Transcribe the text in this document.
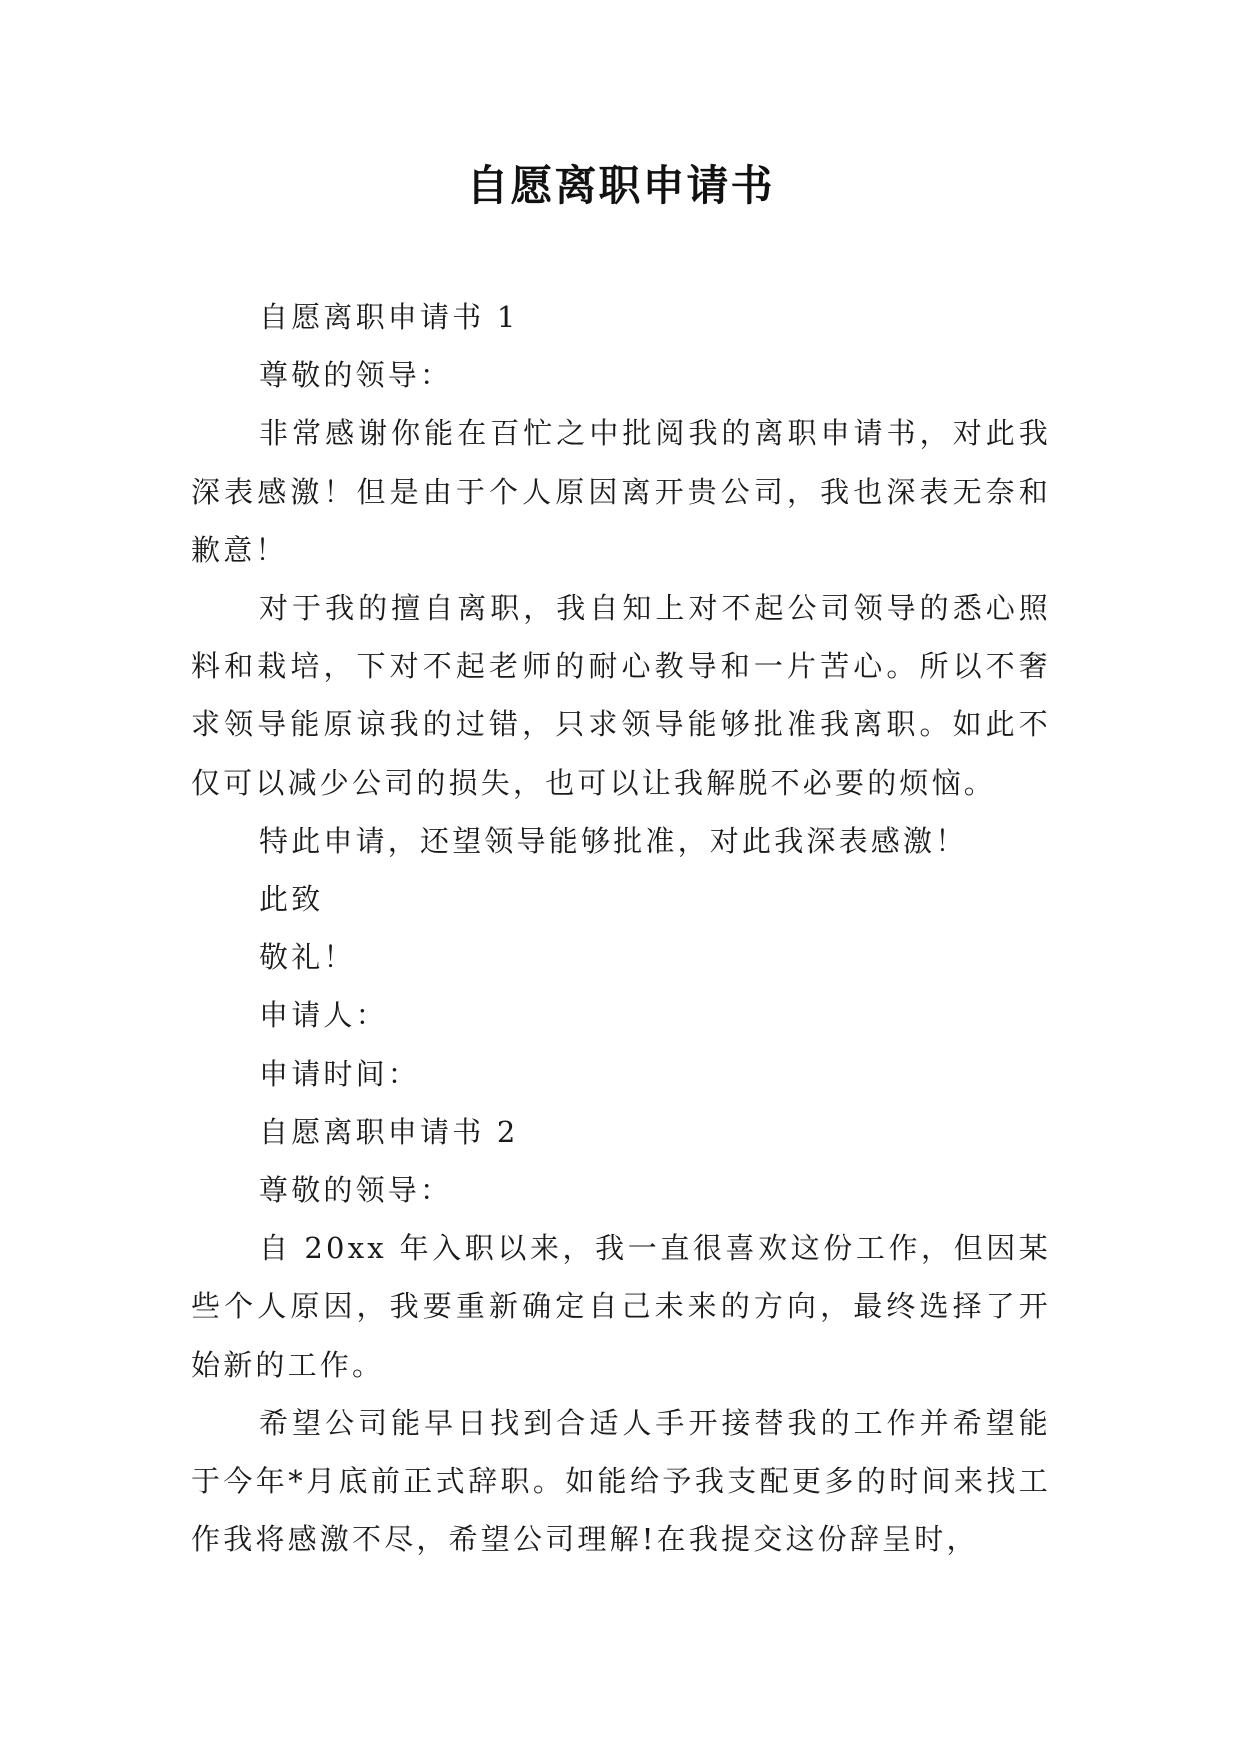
自愿离职申请书

自愿离职申请书 1

尊敬的领导：

非常感谢你能在百忙之中批阅我的离职申请书，对此我深表感激！但是由于个人原因离开贵公司，我也深表无奈和歉意！

对于我的擅自离职，我自知上对不起公司领导的悉心照料和栽培，下对不起老师的耐心教导和一片苦心。所以不奢求领导能原谅我的过错，只求领导能够批准我离职。如此不仅可以减少公司的损失，也可以让我解脱不必要的烦恼。

特此申请，还望领导能够批准，对此我深表感激！

此致

敬礼！

申请人：

申请时间：

自愿离职申请书 2

尊敬的领导：

自 20xx 年入职以来，我一直很喜欢这份工作，但因某些个人原因，我要重新确定自己未来的方向，最终选择了开始新的工作。

希望公司能早日找到合适人手开接替我的工作并希望能于今年*月底前正式辞职。如能给予我支配更多的时间来找工作我将感激不尽，希望公司理解!在我提交这份辞呈时，
